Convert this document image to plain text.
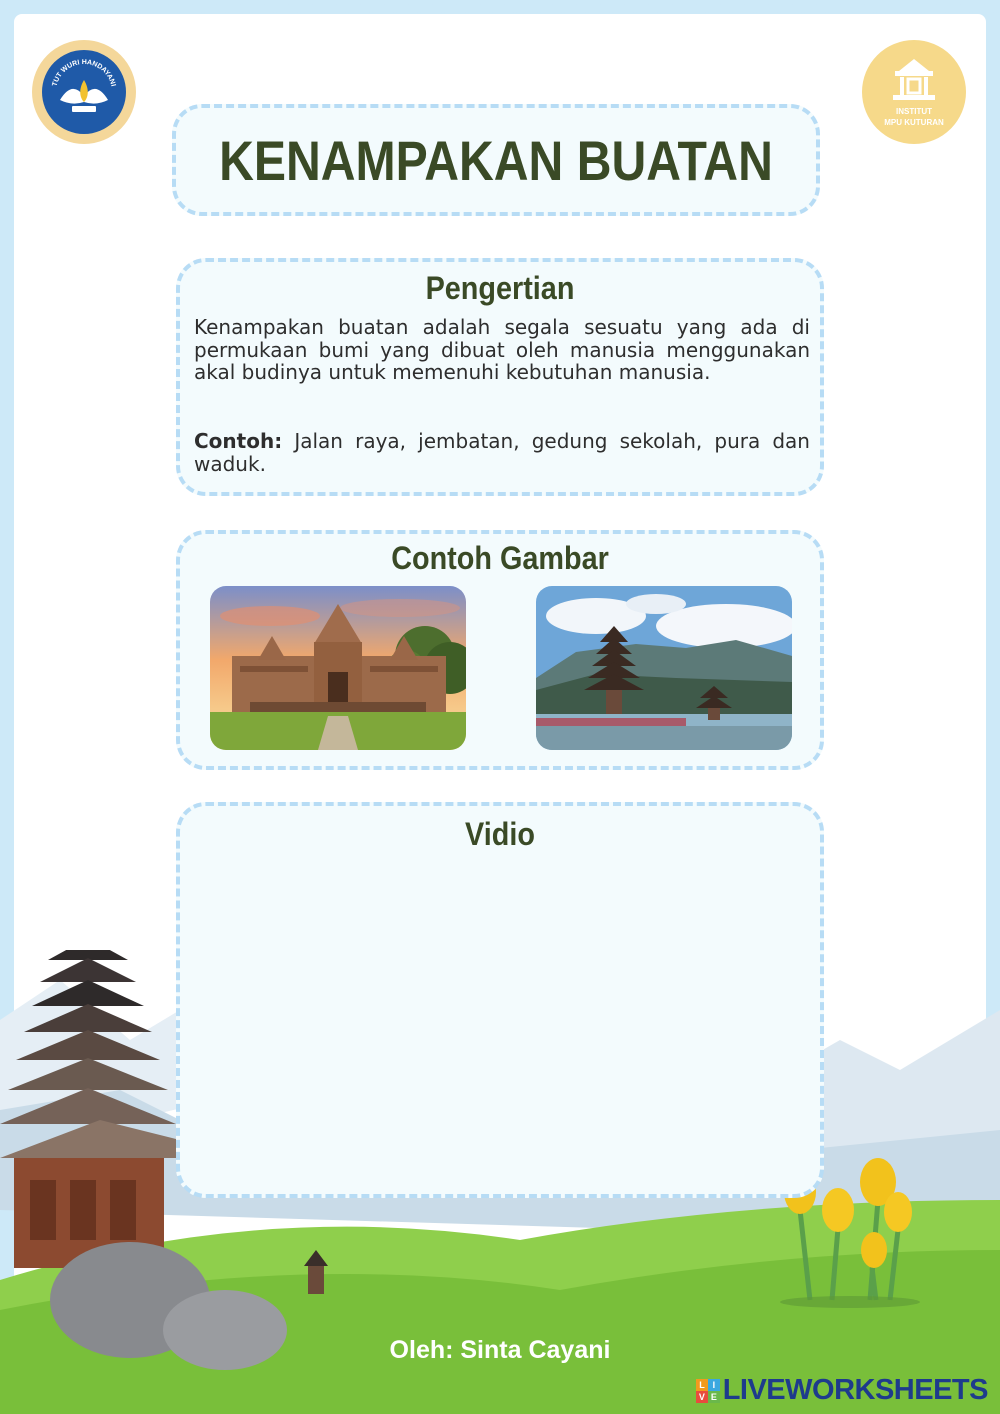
TUT WURI HANDAYANI
INSTITUT
MPU KUTURAN
KENAMPAKAN BUATAN
Pengertian
Kenampakan buatan adalah segala sesuatu yang ada di permukaan bumi yang dibuat oleh manusia menggunakan akal budinya untuk memenuhi kebutuhan manusia.
Contoh: Jalan raya, jembatan, gedung sekolah, pura dan waduk.
Contoh Gambar
Vidio
Oleh: Sinta Cayani
L I
V E LIVEWORKSHEETS
